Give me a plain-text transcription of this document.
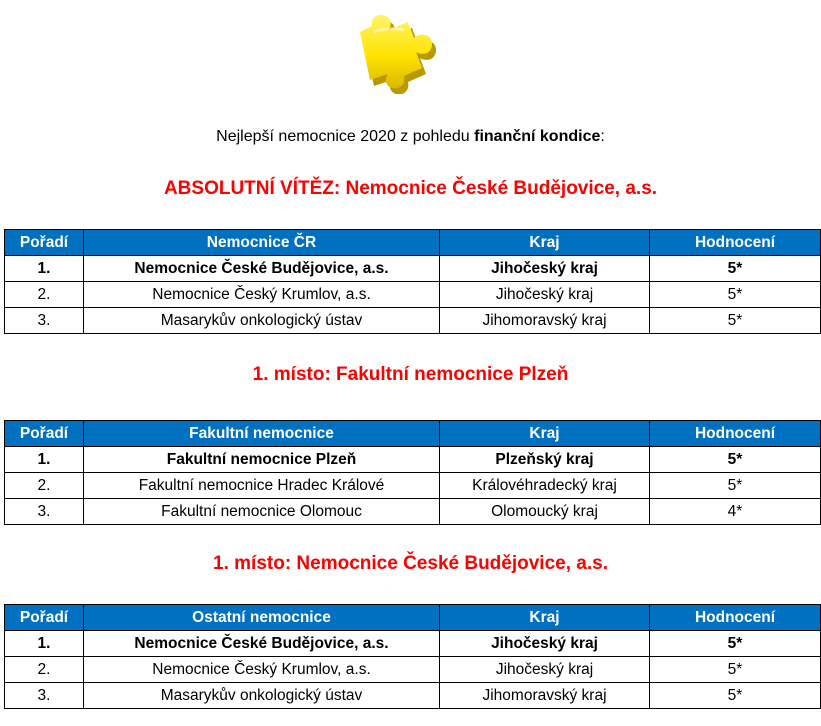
Nejlepší nemocnice 2020 z pohledu finanční kondice:
ABSOLUTNÍ VÍTĚZ: Nemocnice České Budějovice, a.s.
Pořadí	Nemocnice ČR	Kraj	Hodnocení
1.	Nemocnice České Budějovice, a.s.	Jihočeský kraj	5*
2.	Nemocnice Český Krumlov, a.s.	Jihočeský kraj	5*
3.	Masarykův onkologický ústav	Jihomoravský kraj	5*
1. místo: Fakultní nemocnice Plzeň
Pořadí	Fakultní nemocnice	Kraj	Hodnocení
1.	Fakultní nemocnice Plzeň	Plzeňský kraj	5*
2.	Fakultní nemocnice Hradec Králové	Královéhradecký kraj	5*
3.	Fakultní nemocnice Olomouc	Olomoucký kraj	4*
1. místo: Nemocnice České Budějovice, a.s.
Pořadí	Ostatní nemocnice	Kraj	Hodnocení
1.	Nemocnice České Budějovice, a.s.	Jihočeský kraj	5*
2.	Nemocnice Český Krumlov, a.s.	Jihočeský kraj	5*
3.	Masarykův onkologický ústav	Jihomoravský kraj	5*
